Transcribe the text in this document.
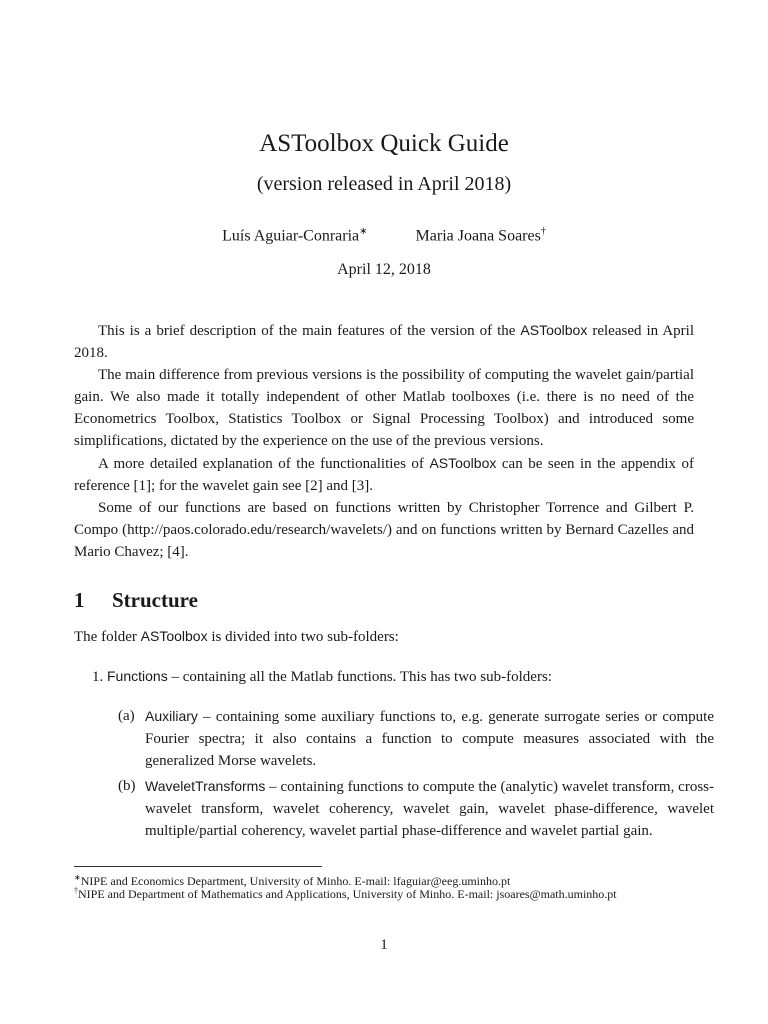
ASToolbox Quick Guide
(version released in April 2018)
Luís Aguiar-Conraria∗	Maria Joana Soares†
April 12, 2018

This is a brief description of the main features of the version of the ASToolbox released in April 2018.

The main difference from previous versions is the possibility of computing the wavelet gain/partial gain. We also made it totally independent of other Matlab toolboxes (i.e. there is no need of the Econometrics Toolbox, Statistics Toolbox or Signal Processing Toolbox) and introduced some simplifications, dictated by the experience on the use of the previous versions.

A more detailed explanation of the functionalities of ASToolbox can be seen in the appendix of reference [1]; for the wavelet gain see [2] and [3].

Some of our functions are based on functions written by Christopher Torrence and Gilbert P. Compo (http://paos.colorado.edu/research/wavelets/) and on functions written by Bernard Cazelles and Mario Chavez; [4].

1 Structure
The folder ASToolbox is divided into two sub-folders:
1. Functions – containing all the Matlab functions. This has two sub-folders:
(a) Auxiliary – containing some auxiliary functions to, e.g. generate surrogate series or compute Fourier spectra; it also contains a function to compute measures associated with the generalized Morse wavelets.
(b) WaveletTransforms – containing functions to compute the (analytic) wavelet transform, cross-wavelet transform, wavelet coherency, wavelet gain, wavelet phase-difference, wavelet multiple/partial coherency, wavelet partial phase-difference and wavelet partial gain.
∗NIPE and Economics Department, University of Minho. E-mail: lfaguiar@eeg.uminho.pt
†NIPE and Department of Mathematics and Applications, University of Minho. E-mail: jsoares@math.uminho.pt
1
